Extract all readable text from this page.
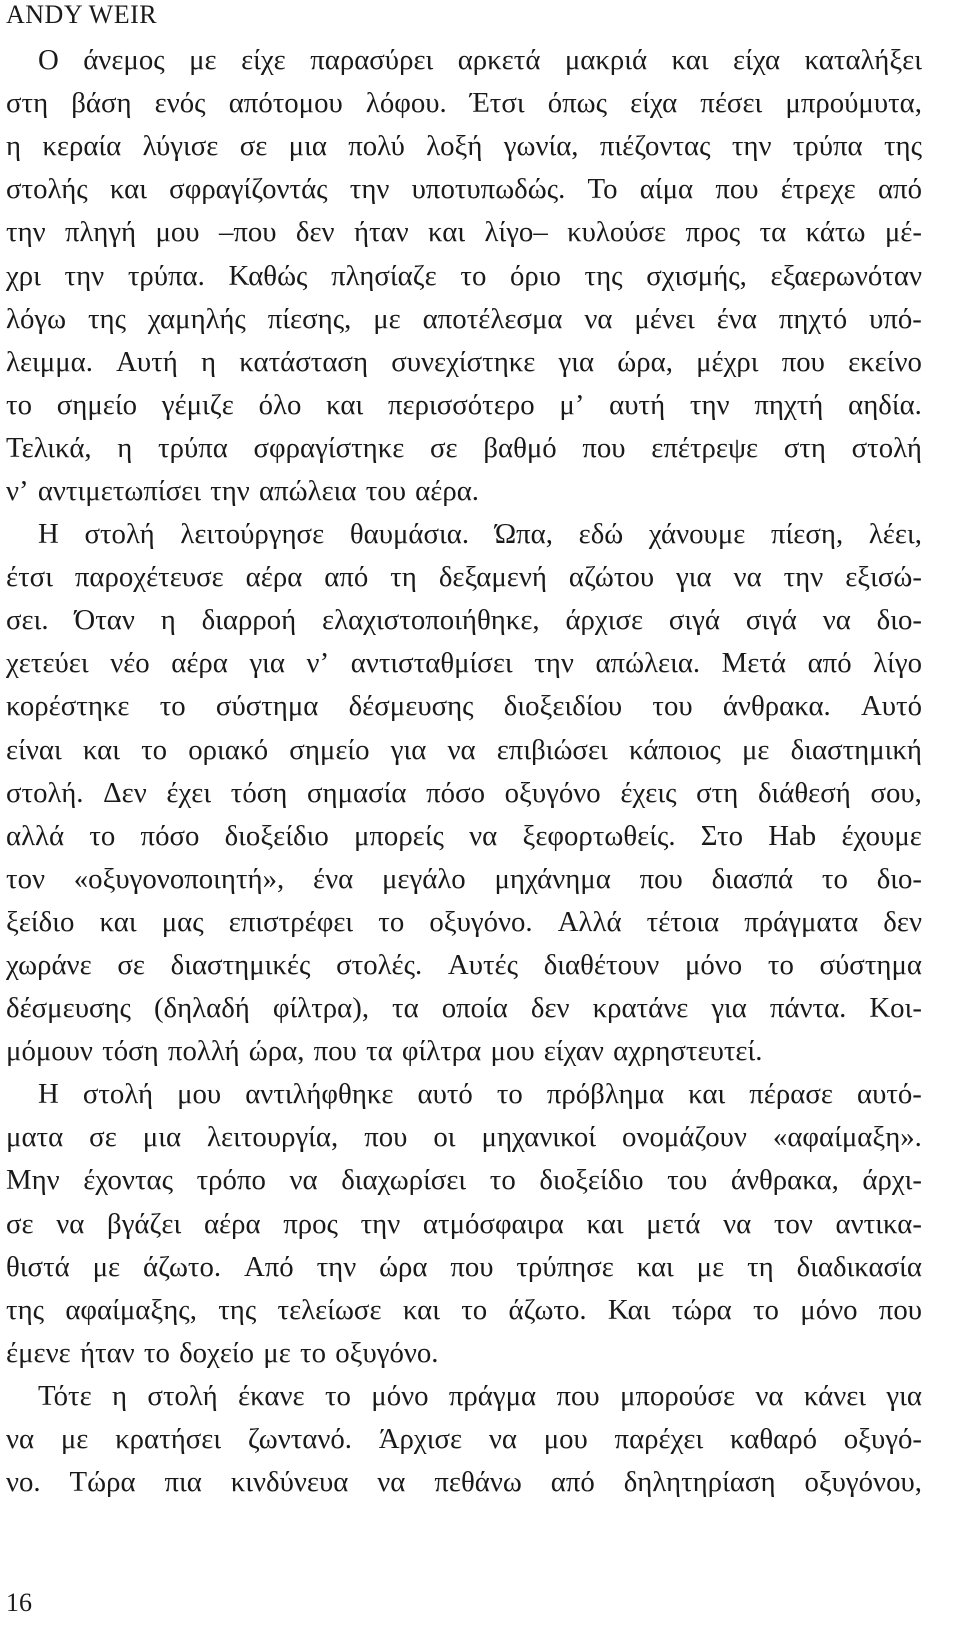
ANDY WEIR
Ο άνεμος με είχε παρασύρει αρκετά μακριά και είχα καταλήξει
στη βάση ενός απότομου λόφου. Έτσι όπως είχα πέσει μπρούμυτα,
η κεραία λύγισε σε μια πολύ λοξή γωνία, πιέζοντας την τρύπα της
στολής και σφραγίζοντάς την υποτυπωδώς. Το αίμα που έτρεχε από
την πληγή μου –που δεν ήταν και λίγο– κυλούσε προς τα κάτω μέ-
χρι την τρύπα. Καθώς πλησίαζε το όριο της σχισμής, εξαερωνόταν
λόγω της χαμηλής πίεσης, με αποτέλεσμα να μένει ένα πηχτό υπό-
λειμμα. Αυτή η κατάσταση συνεχίστηκε για ώρα, μέχρι που εκείνο
το σημείο γέμιζε όλο και περισσότερο μ’ αυτή την πηχτή αηδία.
Τελικά, η τρύπα σφραγίστηκε σε βαθμό που επέτρεψε στη στολή
ν’ αντιμετωπίσει την απώλεια του αέρα.
Η στολή λειτούργησε θαυμάσια. Ώπα, εδώ χάνουμε πίεση, λέει,
έτσι παροχέτευσε αέρα από τη δεξαμενή αζώτου για να την εξισώ-
σει. Όταν η διαρροή ελαχιστοποιήθηκε, άρχισε σιγά σιγά να διο-
χετεύει νέο αέρα για ν’ αντισταθμίσει την απώλεια. Μετά από λίγο
κορέστηκε το σύστημα δέσμευσης διοξειδίου του άνθρακα. Αυτό
είναι και το οριακό σημείο για να επιβιώσει κάποιος με διαστημική
στολή. Δεν έχει τόση σημασία πόσο οξυγόνο έχεις στη διάθεσή σου,
αλλά το πόσο διοξείδιο μπορείς να ξεφορτωθείς. Στο Hab έχουμε
τον «οξυγονοποιητή», ένα μεγάλο μηχάνημα που διασπά το διο-
ξείδιο και μας επιστρέφει το οξυγόνο. Αλλά τέτοια πράγματα δεν
χωράνε σε διαστημικές στολές. Αυτές διαθέτουν μόνο το σύστημα
δέσμευσης (δηλαδή φίλτρα), τα οποία δεν κρατάνε για πάντα. Κοι-
μόμουν τόση πολλή ώρα, που τα φίλτρα μου είχαν αχρηστευτεί.
Η στολή μου αντιλήφθηκε αυτό το πρόβλημα και πέρασε αυτό-
ματα σε μια λειτουργία, που οι μηχανικοί ονομάζουν «αφαίμαξη».
Μην έχοντας τρόπο να διαχωρίσει το διοξείδιο του άνθρακα, άρχι-
σε να βγάζει αέρα προς την ατμόσφαιρα και μετά να τον αντικα-
θιστά με άζωτο. Από την ώρα που τρύπησε και με τη διαδικασία
της αφαίμαξης, της τελείωσε και το άζωτο. Και τώρα το μόνο που
έμενε ήταν το δοχείο με το οξυγόνο.
Τότε η στολή έκανε το μόνο πράγμα που μπορούσε να κάνει για
να με κρατήσει ζωντανό. Άρχισε να μου παρέχει καθαρό οξυγό-
νο. Τώρα πια κινδύνευα να πεθάνω από δηλητηρίαση οξυγόνου,
16
